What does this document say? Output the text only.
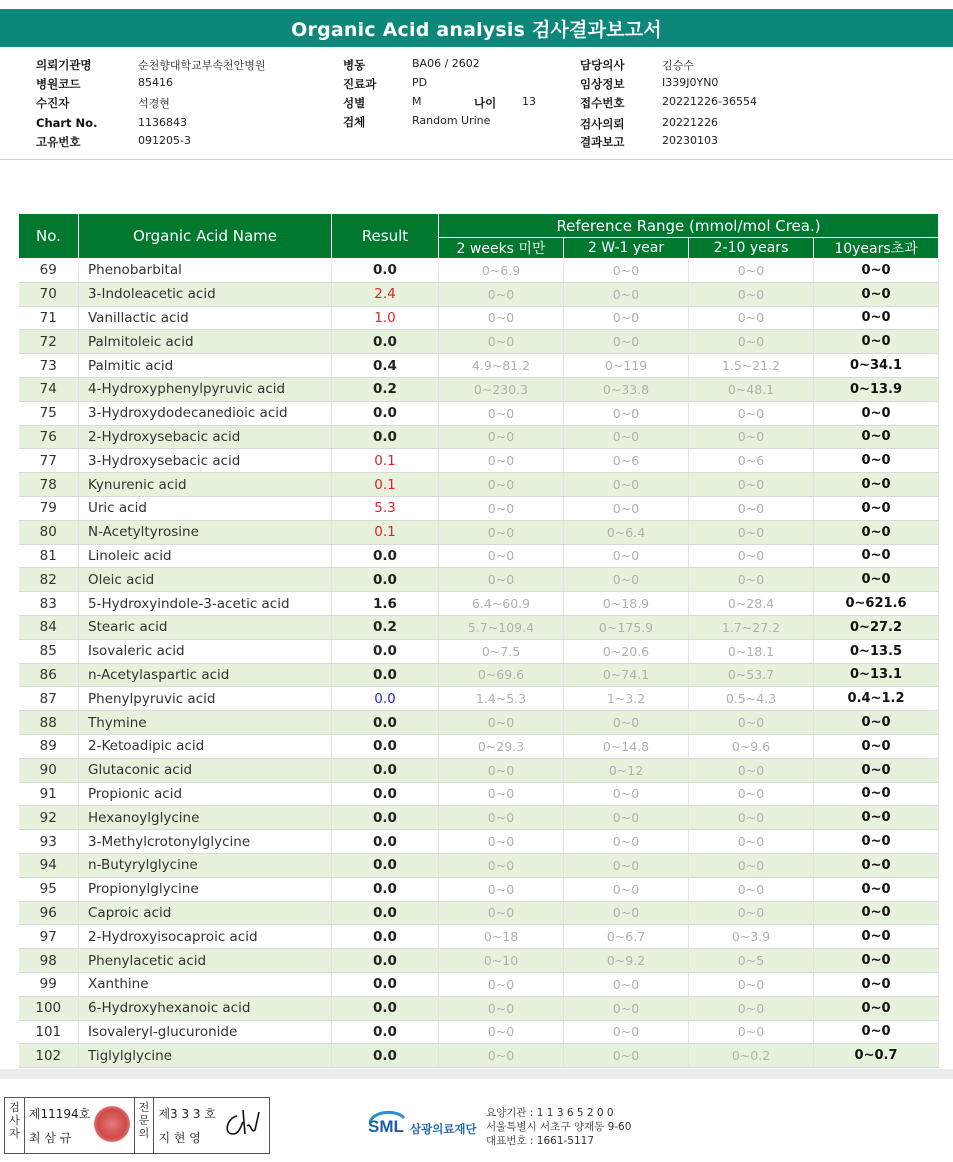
Organic Acid analysis 검사결과보고서
의뢰기관명	순천향대학교부속천안병원
병원코드	85416
수진자	석경현
Chart No.	1136843
고유번호	091205-3
병동	BA06 / 2602
진료과	PD
성별	M	나이 13
검체	Random Urine
담당의사	김승수
임상정보	I339J0YN0
접수번호	20221226-36554
검사의뢰	20221226
결과보고	20230103
No.	Organic Acid Name	Result	Reference Range (mmol/mol Crea.)			
			2 weeks 미만	2 W-1 year	2-10 years	10years초과
69	Phenobarbital	0.0	0~6.9	0~0	0~0	0~0
70	3-Indoleacetic acid	2.4	0~0	0~0	0~0	0~0
71	Vanillactic acid	1.0	0~0	0~0	0~0	0~0
72	Palmitoleic acid	0.0	0~0	0~0	0~0	0~0
73	Palmitic acid	0.4	4.9~81.2	0~119	1.5~21.2	0~34.1
74	4-Hydroxyphenylpyruvic acid	0.2	0~230.3	0~33.8	0~48.1	0~13.9
75	3-Hydroxydodecanedioic acid	0.0	0~0	0~0	0~0	0~0
76	2-Hydroxysebacic acid	0.0	0~0	0~0	0~0	0~0
77	3-Hydroxysebacic acid	0.1	0~0	0~6	0~6	0~0
78	Kynurenic acid	0.1	0~0	0~0	0~0	0~0
79	Uric acid	5.3	0~0	0~0	0~0	0~0
80	N-Acetyltyrosine	0.1	0~0	0~6.4	0~0	0~0
81	Linoleic acid	0.0	0~0	0~0	0~0	0~0
82	Oleic acid	0.0	0~0	0~0	0~0	0~0
83	5-Hydroxyindole-3-acetic acid	1.6	6.4~60.9	0~18.9	0~28.4	0~621.6
84	Stearic acid	0.2	5.7~109.4	0~175.9	1.7~27.2	0~27.2
85	Isovaleric acid	0.0	0~7.5	0~20.6	0~18.1	0~13.5
86	n-Acetylaspartic acid	0.0	0~69.6	0~74.1	0~53.7	0~13.1
87	Phenylpyruvic acid	0.0	1.4~5.3	1~3.2	0.5~4.3	0.4~1.2
88	Thymine	0.0	0~0	0~0	0~0	0~0
89	2-Ketoadipic acid	0.0	0~29.3	0~14.8	0~9.6	0~0
90	Glutaconic acid	0.0	0~0	0~12	0~0	0~0
91	Propionic acid	0.0	0~0	0~0	0~0	0~0
92	Hexanoylglycine	0.0	0~0	0~0	0~0	0~0
93	3-Methylcrotonylglycine	0.0	0~0	0~0	0~0	0~0
94	n-Butyrylglycine	0.0	0~0	0~0	0~0	0~0
95	Propionylglycine	0.0	0~0	0~0	0~0	0~0
96	Caproic acid	0.0	0~0	0~0	0~0	0~0
97	2-Hydroxyisocaproic acid	0.0	0~18	0~6.7	0~3.9	0~0
98	Phenylacetic acid	0.0	0~10	0~9.2	0~5	0~0
99	Xanthine	0.0	0~0	0~0	0~0	0~0
100	6-Hydroxyhexanoic acid	0.0	0~0	0~0	0~0	0~0
101	Isovaleryl-glucuronide	0.0	0~0	0~0	0~0	0~0
102	Tiglylglycine	0.0	0~0	0~0	0~0.2	0~0.7
검사자
제11194호
최 삼 규
전문의
제3 3 3 호
지 현 영
SML 삼광의료재단
요양기관 : 1 1 3 6 5 2 0 0
서울특별시 서초구 양재동 9-60
대표번호 : 1661-5117
